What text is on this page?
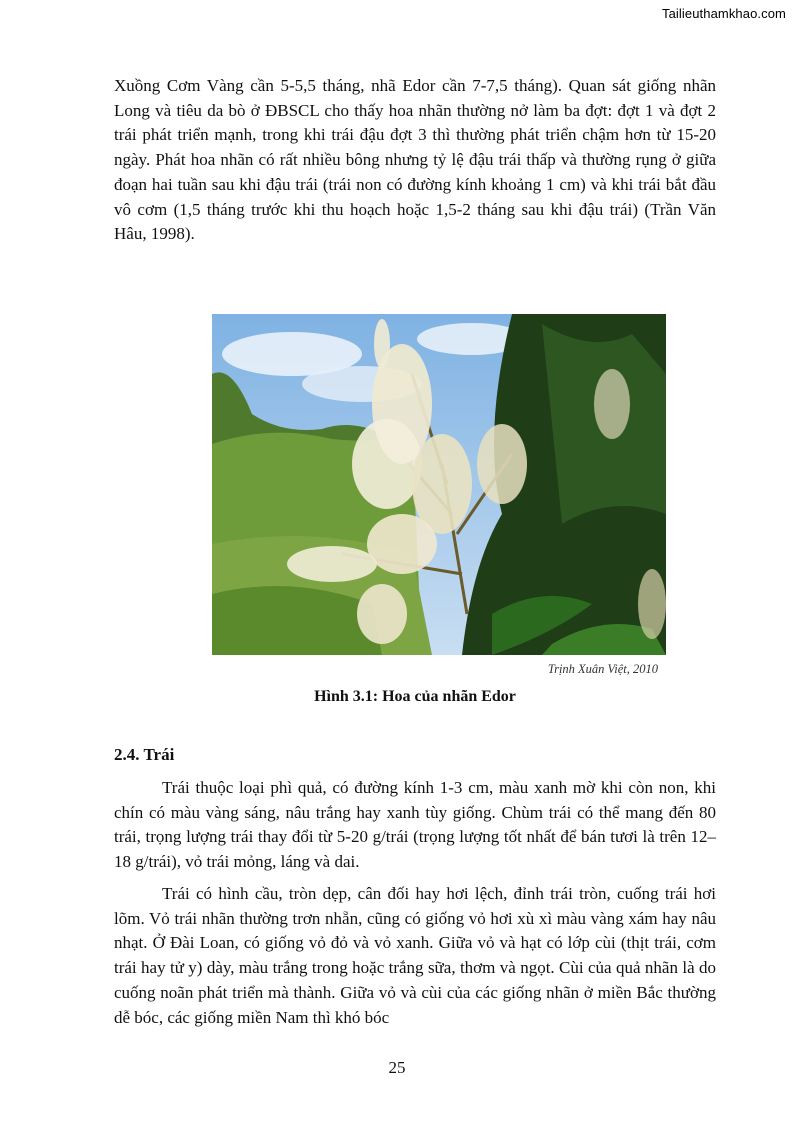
Tailieuthamkhao.com

Xuồng Cơm Vàng cần 5-5,5 tháng, nhã Edor cần 7-7,5 tháng). Quan sát giống nhãn Long và tiêu da bò ở ĐBSCL cho thấy hoa nhãn thường nở làm ba đợt: đợt 1 và đợt 2 trái phát triển mạnh, trong khi trái đậu đợt 3 thì thường phát triển chậm hơn từ 15-20 ngày. Phát hoa nhãn có rất nhiều bông nhưng tỷ lệ đậu trái thấp và thường rụng ở giữa đoạn hai tuần sau khi đậu trái (trái non có đường kính khoảng 1 cm) và khi trái bắt đầu vô cơm (1,5 tháng trước khi thu hoạch hoặc 1,5-2 tháng sau khi đậu trái) (Trần Văn Hâu, 1998).

Trịnh Xuân Việt, 2010
Hình 3.1: Hoa của nhãn Edor
2.4. Trái

Trái thuộc loại phì quả, có đường kính 1-3 cm, màu xanh mờ khi còn non, khi chín có màu vàng sáng, nâu trắng hay xanh tùy giống. Chùm trái có thể mang đến 80 trái, trọng lượng trái thay đổi từ 5-20 g/trái (trọng lượng tốt nhất để bán tươi là trên 12–18 g/trái), vỏ trái mỏng, láng và dai.

Trái có hình cầu, tròn dẹp, cân đối hay hơi lệch, đỉnh trái tròn, cuống trái hơi lõm. Vỏ trái nhãn thường trơn nhẵn, cũng có giống vỏ hơi xù xì màu vàng xám hay nâu nhạt. Ở Đài Loan, có giống vỏ đỏ và vỏ xanh. Giữa vỏ và hạt có lớp cùi (thịt trái, cơm trái hay tử y) dày, màu trắng trong hoặc trắng sữa, thơm và ngọt. Cùi của quả nhãn là do cuống noãn phát triển mà thành. Giữa vỏ và cùi của các giống nhãn ở miền Bắc thường dễ bóc, các giống miền Nam thì khó bóc

25
